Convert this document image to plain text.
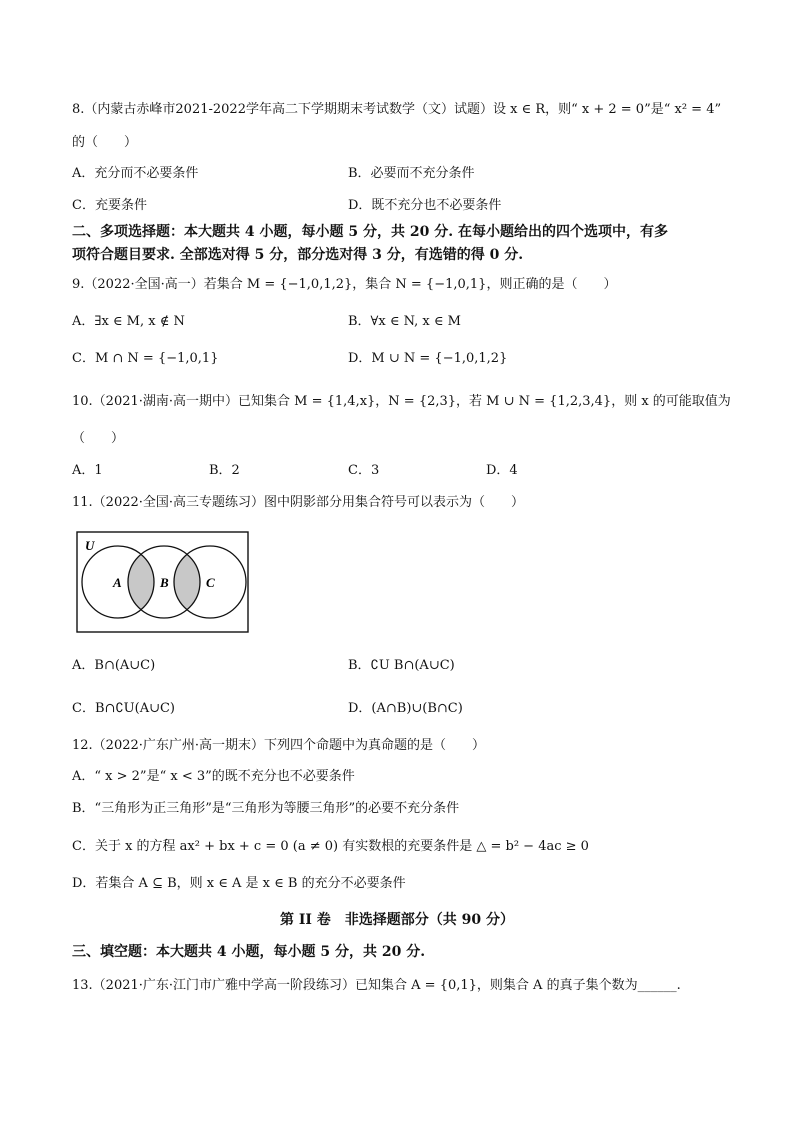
8.（内蒙古赤峰市2021-2022学年高二下学期期末考试数学（文）试题）设 x ∈ R，则“ x + 2 = 0”是“ x² = 4”
的（　　）
A．充分而不必要条件	B．必要而不充分条件
C．充要条件	D．既不充分也不必要条件
二、多项选择题：本大题共 4 小题，每小题 5 分，共 20 分. 在每小题给出的四个选项中，有多
项符合题目要求. 全部选对得 5 分，部分选对得 3 分，有选错的得 0 分.
9.（2022·全国·高一）若集合 M = {−1,0,1,2}，集合 N = {−1,0,1}，则正确的是（　　）
A．∃x ∈ M, x ∉ N	B．∀x ∈ N, x ∈ M
C．M ∩ N = {−1,0,1}	D．M ∪ N = {−1,0,1,2}
10.（2021·湖南·高一期中）已知集合 M = {1,4,x}，N = {2,3}，若 M ∪ N = {1,2,3,4}，则 x 的可能取值为
（　　）
A．1	B．2	C．3	D．4
11.（2022·全国·高三专题练习）图中阴影部分用集合符号可以表示为（　　）
U
A	B	C
A．B∩(A∪C)	B．∁U B∩(A∪C)
C．B∩∁U(A∪C)	D．(A∩B)∪(B∩C)
12.（2022·广东广州·高一期末）下列四个命题中为真命题的是（　　）
A．“ x > 2”是“ x < 3”的既不充分也不必要条件
B．“三角形为正三角形”是“三角形为等腰三角形”的必要不充分条件
C．关于 x 的方程 ax² + bx + c = 0 (a ≠ 0) 有实数根的充要条件是 △ = b² − 4ac ≥ 0
D．若集合 A ⊆ B，则 x ∈ A 是 x ∈ B 的充分不必要条件
第 II 卷　非选择题部分（共 90 分）
三、填空题：本大题共 4 小题，每小题 5 分，共 20 分.
13.（2021·广东·江门市广雅中学高一阶段练习）已知集合 A = {0,1}，则集合 A 的真子集个数为______.
